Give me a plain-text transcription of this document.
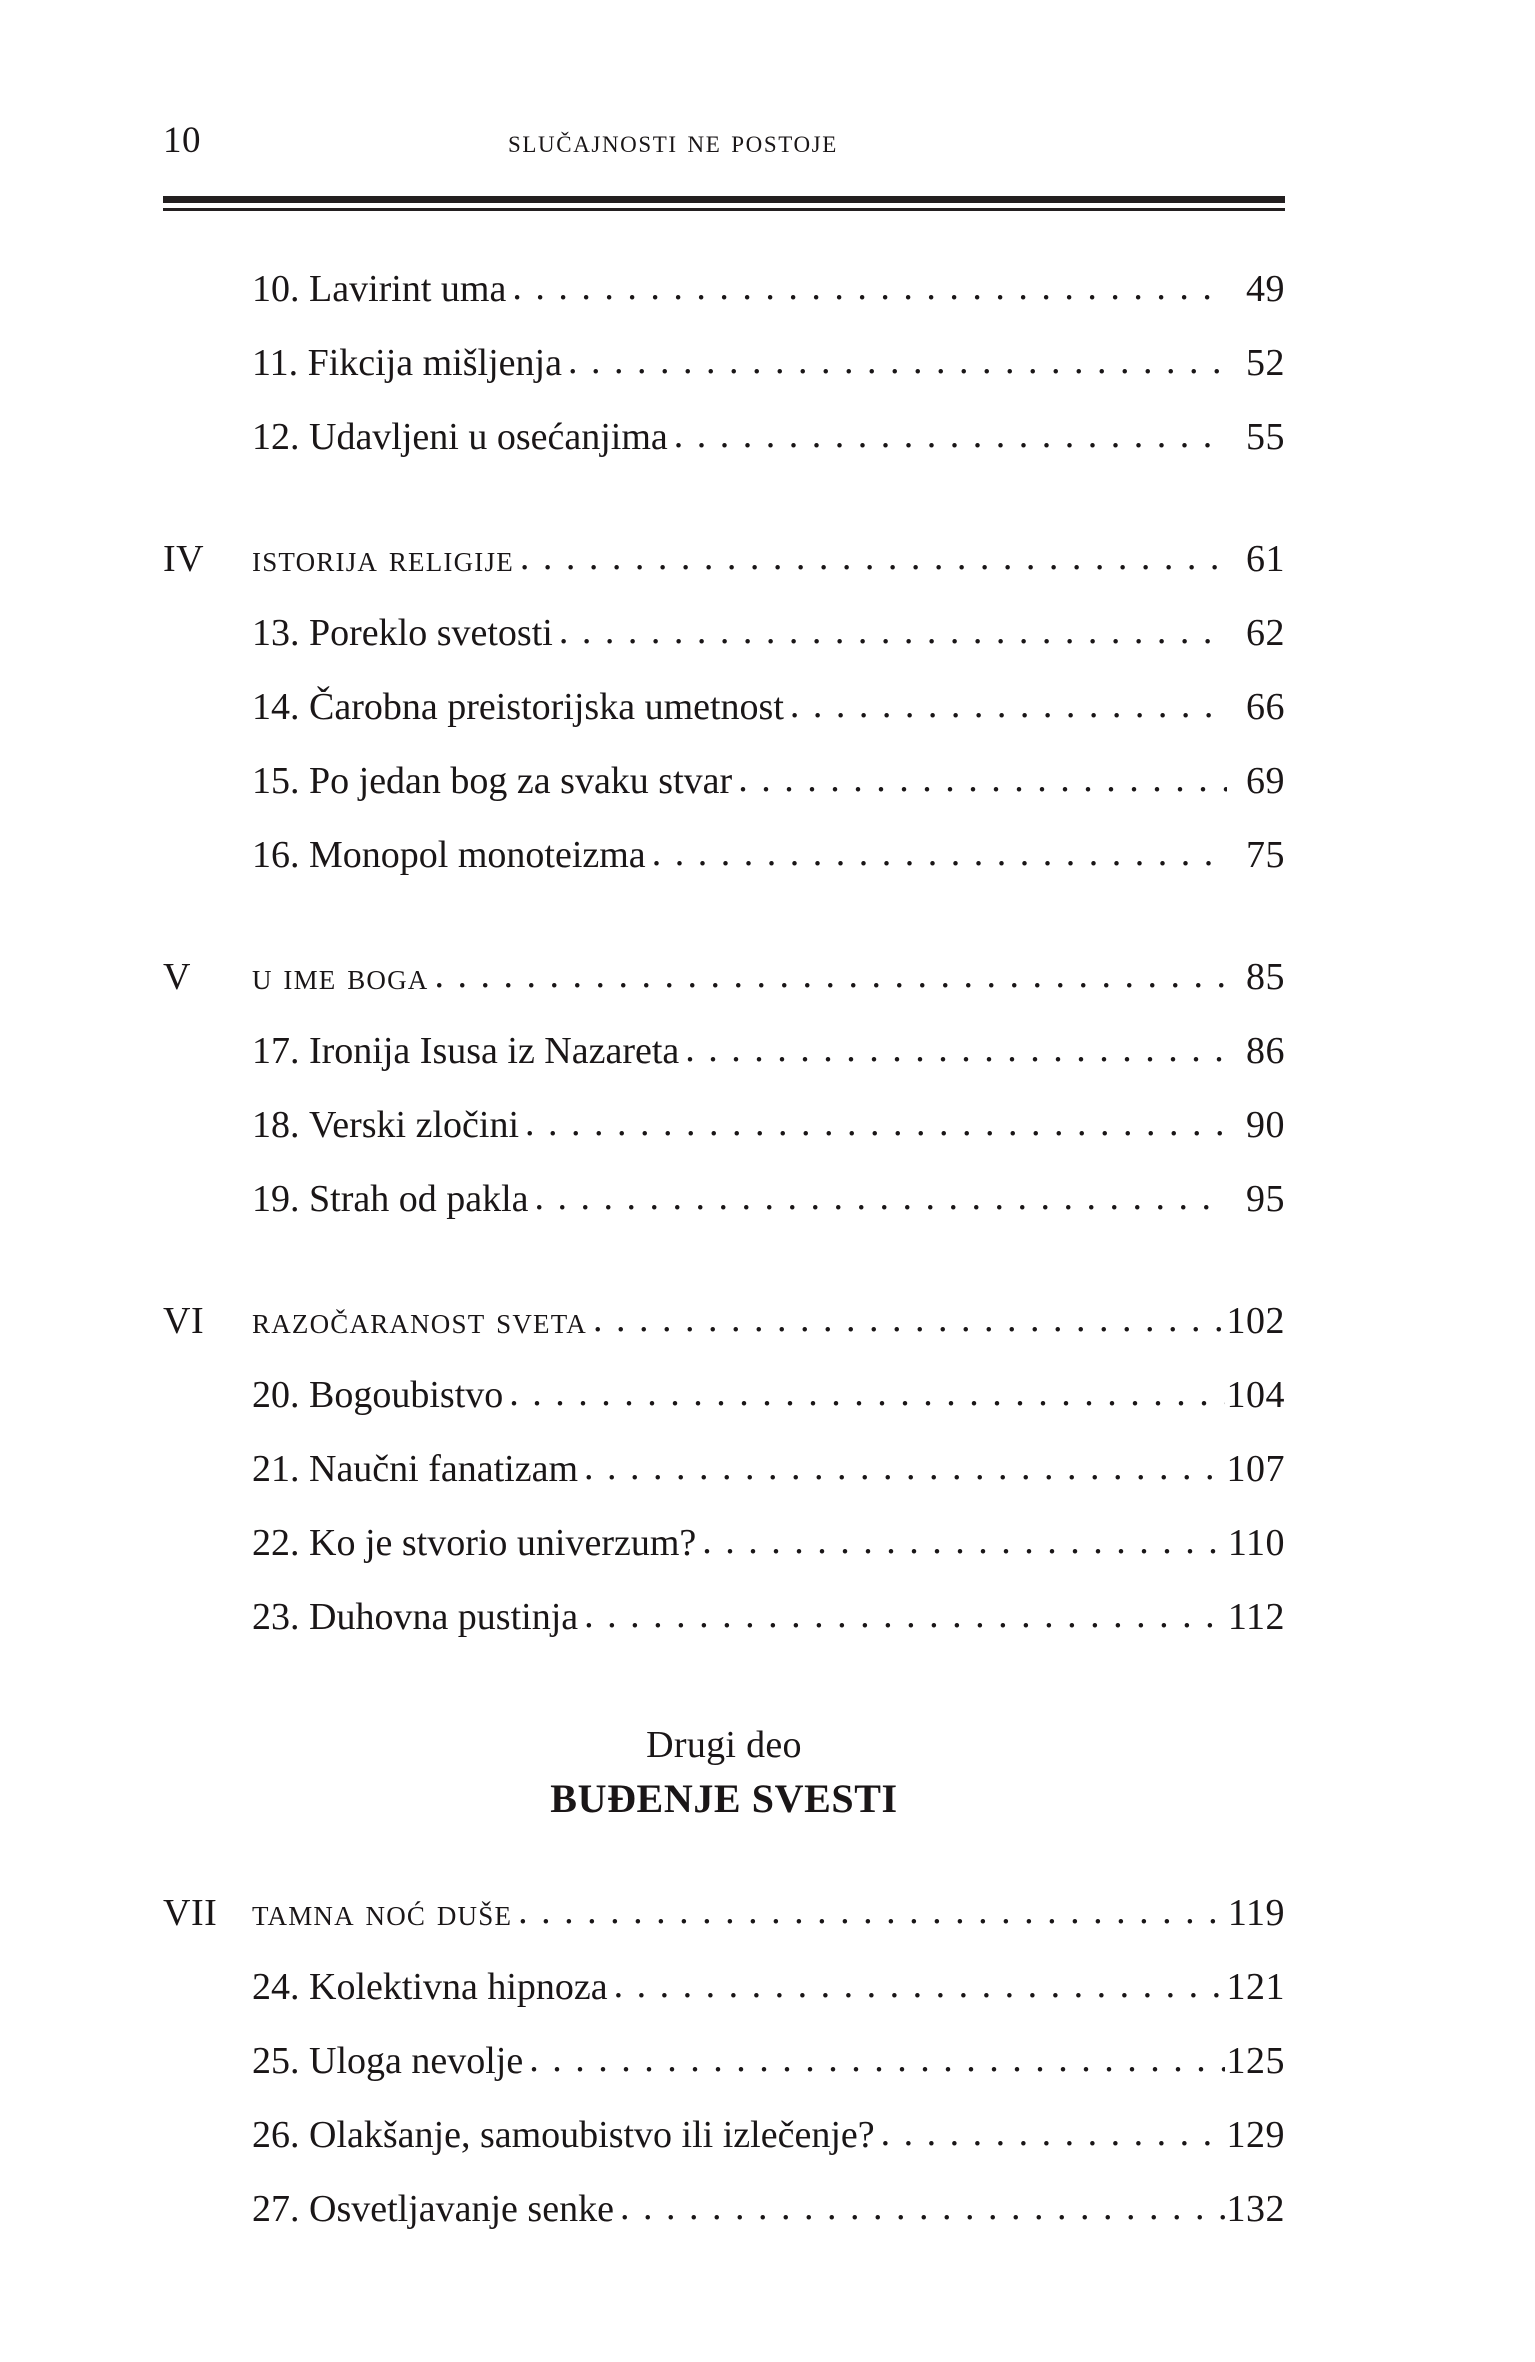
10	slučajnosti ne postoje
10. Lavirint uma . . .	49
11. Fikcija mišljenja . . .	52
12. Udavljeni u osećanjima . . .	55
IV	istorija religije . . .	61
13. Poreklo svetosti . . .	62
14. Čarobna preistorijska umetnost . . .	66
15. Po jedan bog za svaku stvar . . .	69
16. Monopol monoteizma . . .	75
V	u ime boga . . .	85
17. Ironija Isusa iz Nazareta . . .	86
18. Verski zločini . . .	90
19. Strah od pakla . . .	95
VI	razočaranost sveta . . .	102
20. Bogoubistvo . . .	104
21. Naučni fanatizam . . .	107
22. Ko je stvorio univerzum? . . .	110
23. Duhovna pustinja . . .	112
Drugi deo
BUĐENJE SVESTI
VII tamna noć duše . . .	119
24. Kolektivna hipnoza . . .	121
25. Uloga nevolje . . .	125
26. Olakšanje, samoubistvo ili izlečenje? . . .	129
27. Osvetljavanje senke . . .	132
